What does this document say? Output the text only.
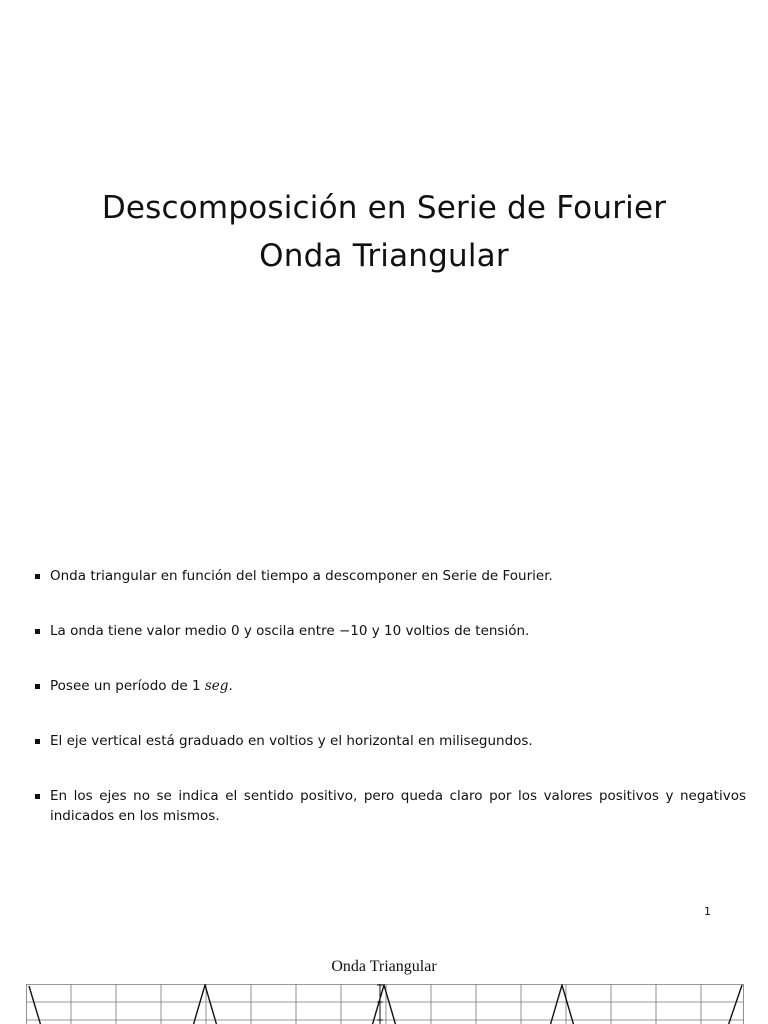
Descomposición en Serie de Fourier
Onda Triangular
Onda triangular en función del tiempo a descomponer en Serie de Fourier.
La onda tiene valor medio 0 y oscila entre −10 y 10 voltios de tensión.
Posee un período de 1 seg.
El eje vertical está graduado en voltios y el horizontal en milisegundos.
En los ejes no se indica el sentido positivo, pero queda claro por los valores positivos y negativos indicados en los mismos.
1
Onda Triangular
